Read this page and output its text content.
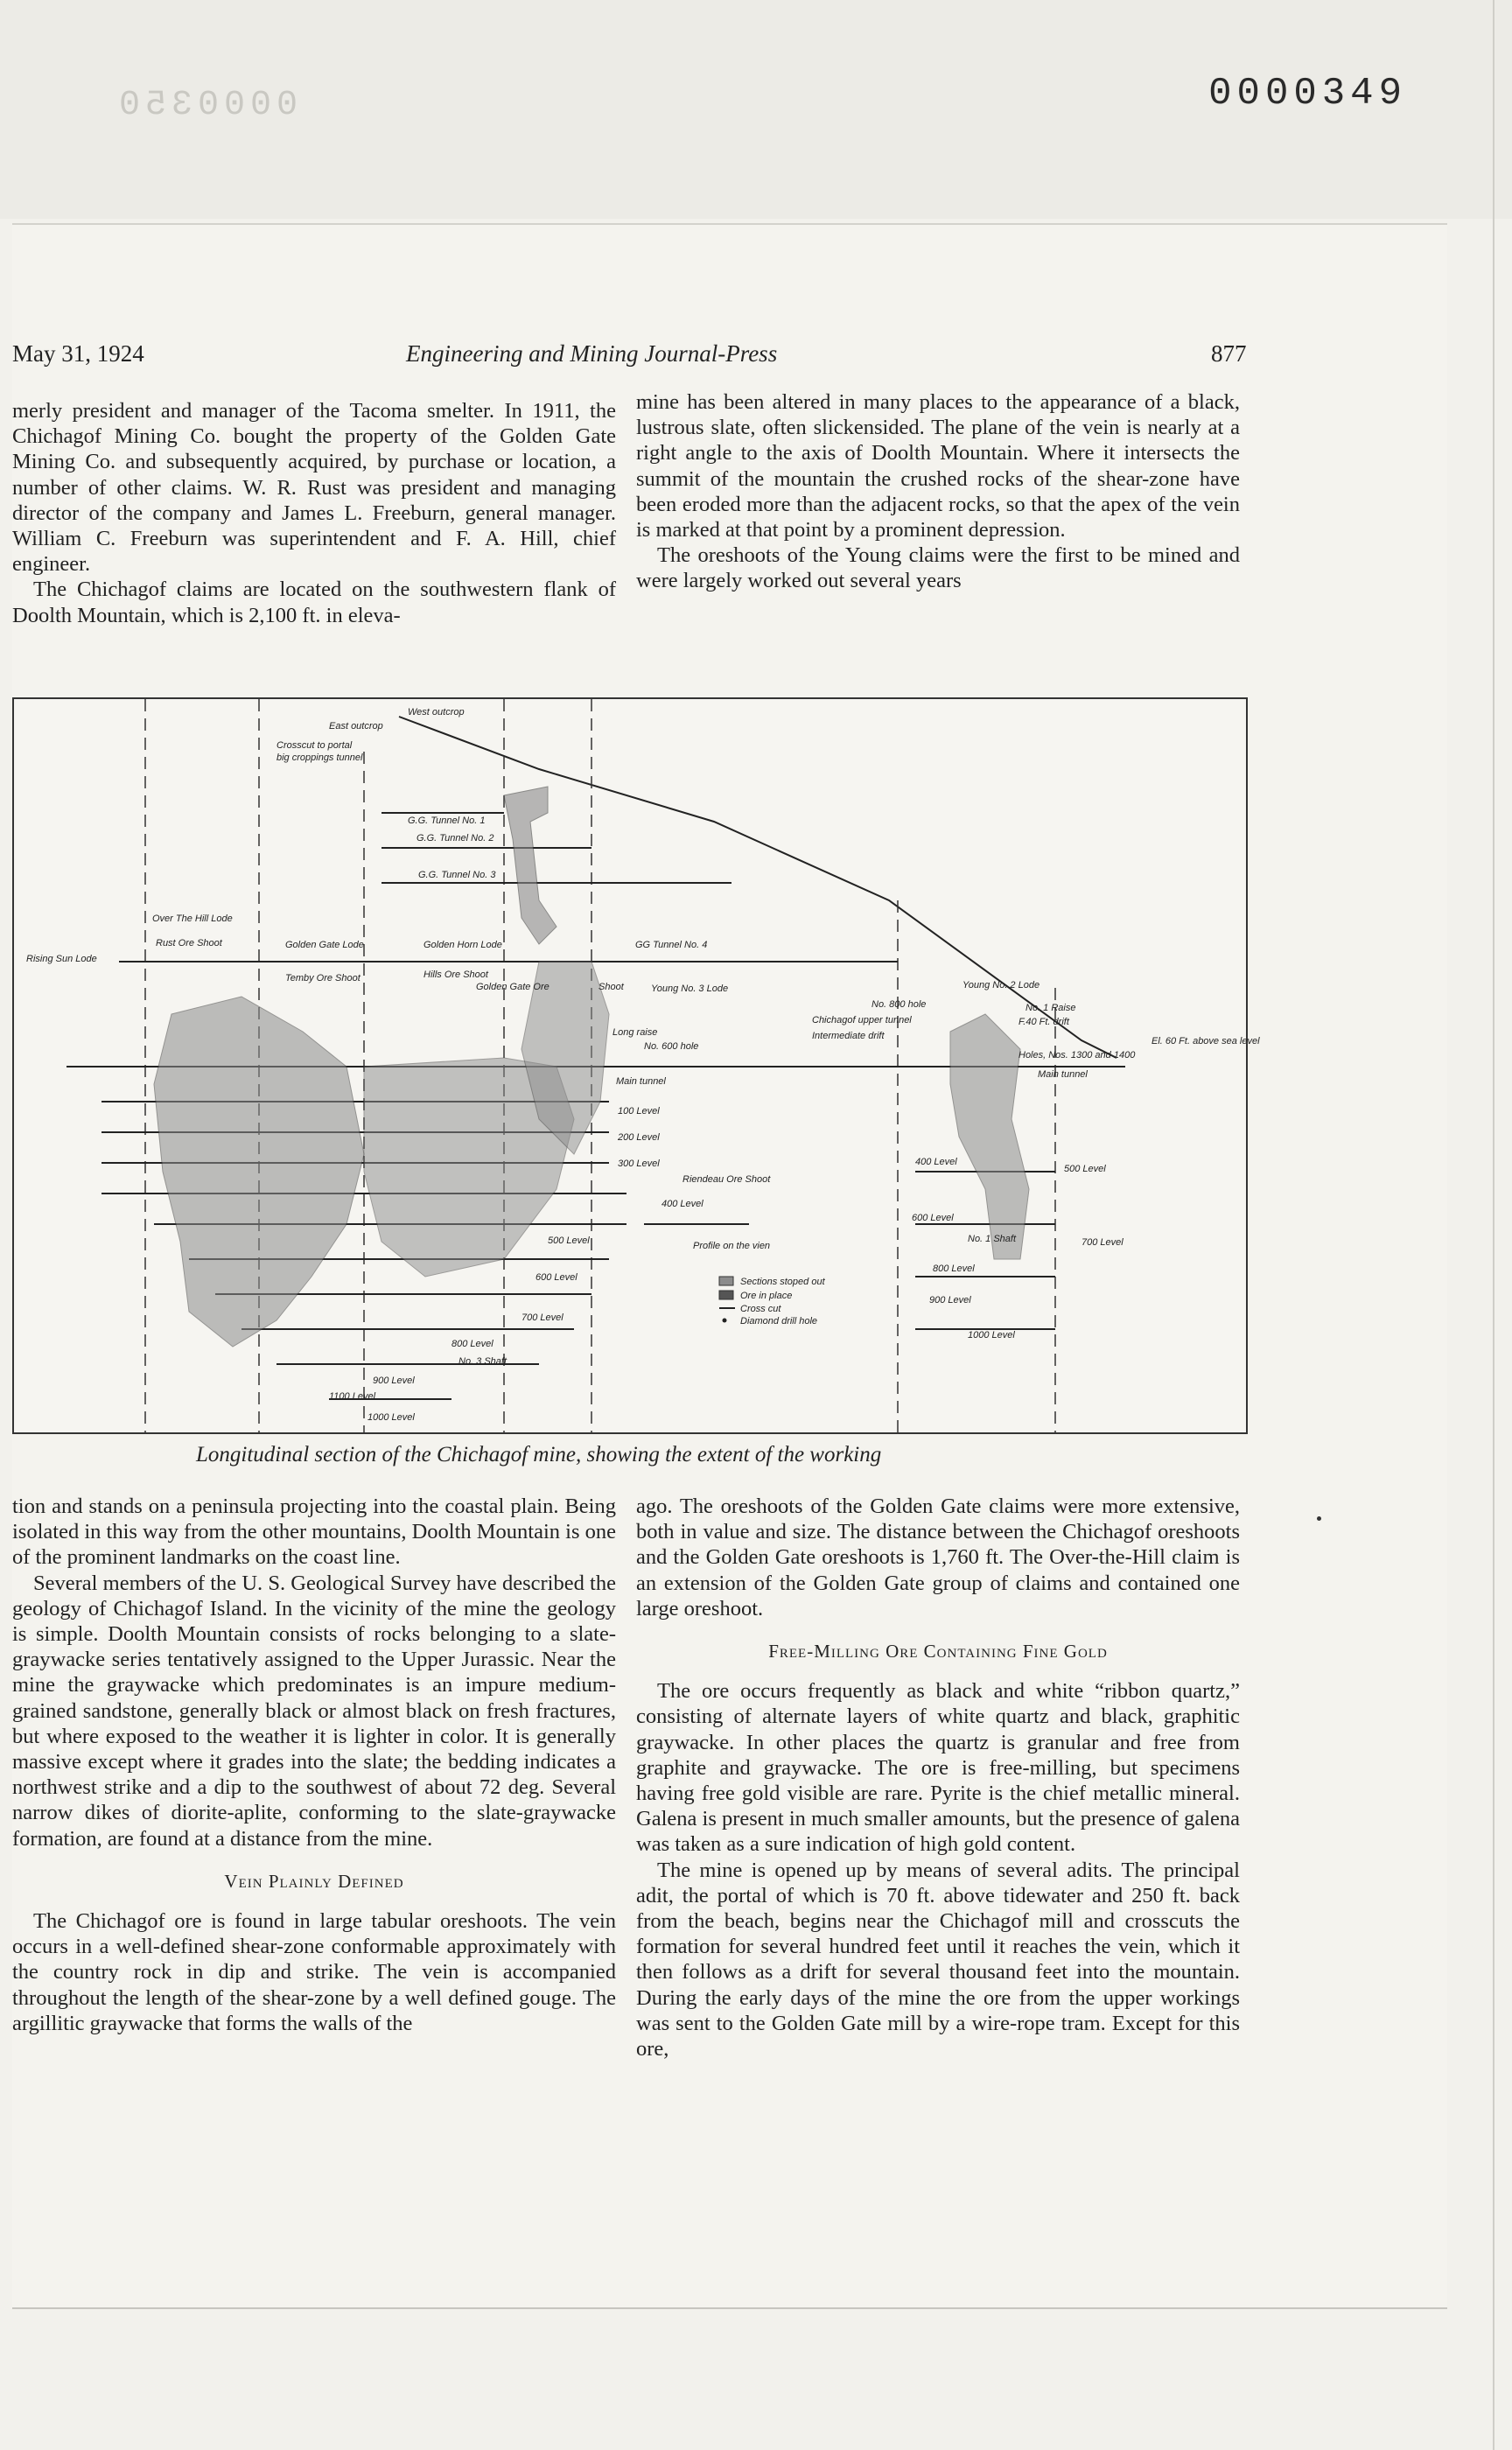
0000350	0000349
May 31, 1924	Engineering and Mining Journal-Press	877

merly president and manager of the Tacoma smelter. In 1911, the Chichagof Mining Co. bought the property of the Golden Gate Mining Co. and subsequently acquired, by purchase or location, a number of other claims. W. R. Rust was president and managing director of the company and James L. Freeburn, general manager. William C. Freeburn was superintendent and F. A. Hill, chief engineer.

The Chichagof claims are located on the southwestern flank of Doolth Mountain, which is 2,100 ft. in eleva-

mine has been altered in many places to the appearance of a black, lustrous slate, often slickensided. The plane of the vein is nearly at a right angle to the axis of Doolth Mountain. Where it intersects the summit of the mountain the crushed rocks of the shear-zone have been eroded more than the adjacent rocks, so that the apex of the vein is marked at that point by a prominent depression.

The oreshoots of the Young claims were the first to be mined and were largely worked out several years

West outcrop
East outcrop
Crosscut to portal
big croppings tunnel
G.G. Tunnel No. 1
G.G. Tunnel No. 2
G.G. Tunnel No. 3
GG Tunnel No. 4
Over The Hill Lode
Rust Ore Shoot
Rising Sun Lode
Golden Gate Lode
Temby Ore Shoot
Golden Horn Lode
Hills Ore Shoot
Golden Gate Ore	Shoot	Young No. 3 Lode	Young No. 2 Lode
Long raise
No. 600 hole
Main tunnel
Main tunnel
100 Level
200 Level
300 Level
400 Level
500 Level
600 Level
700 Level
800 Level
900 Level
1000 Level
400 Level
600 Level
800 Level
900 Level
1000 Level
500 Level
700 Level
1100 Level
Riendeau Ore Shoot
No. 3 Shaft
No. 1 Shaft
Profile on the vien
El. 60 Ft. above sea level
No. 1 Raise
F.40 Ft. drift
Holes, Nos. 1300 and 1400
Chichagof upper tunnel
Intermediate drift
No. 800 hole
Sections stoped out
Ore in place
Cross cut
Diamond drill hole
Longitudinal section of the Chichagof mine, showing the extent of the working

tion and stands on a peninsula projecting into the coastal plain. Being isolated in this way from the other mountains, Doolth Mountain is one of the prominent landmarks on the coast line.

Several members of the U. S. Geological Survey have described the geology of Chichagof Island. In the vicinity of the mine the geology is simple. Doolth Mountain consists of rocks belonging to a slate-graywacke series tentatively assigned to the Upper Jurassic. Near the mine the graywacke which predominates is an impure medium-grained sandstone, generally black or almost black on fresh fractures, but where exposed to the weather it is lighter in color. It is generally massive except where it grades into the slate; the bedding indicates a northwest strike and a dip to the southwest of about 72 deg. Several narrow dikes of diorite-aplite, conforming to the slate-graywacke formation, are found at a distance from the mine.

Vein Plainly Defined

The Chichagof ore is found in large tabular oreshoots. The vein occurs in a well-defined shear-zone conformable approximately with the country rock in dip and strike. The vein is accompanied throughout the length of the shear-zone by a well defined gouge. The argillitic graywacke that forms the walls of the

ago. The oreshoots of the Golden Gate claims were more extensive, both in value and size. The distance between the Chichagof oreshoots and the Golden Gate oreshoots is 1,760 ft. The Over-the-Hill claim is an extension of the Golden Gate group of claims and contained one large oreshoot.

Free-Milling Ore Containing Fine Gold

The ore occurs frequently as black and white “ribbon quartz,” consisting of alternate layers of white quartz and black, graphitic graywacke. In other places the quartz is granular and free from graphite and graywacke. The ore is free-milling, but specimens having free gold visible are rare. Pyrite is the chief metallic mineral. Galena is present in much smaller amounts, but the presence of galena was taken as a sure indication of high gold content.

The mine is opened up by means of several adits. The principal adit, the portal of which is 70 ft. above tidewater and 250 ft. back from the beach, begins near the Chichagof mill and crosscuts the formation for several hundred feet until it reaches the vein, which it then follows as a drift for several thousand feet into the mountain. During the early days of the mine the ore from the upper workings was sent to the Golden Gate mill by a wire-rope tram. Except for this ore,
